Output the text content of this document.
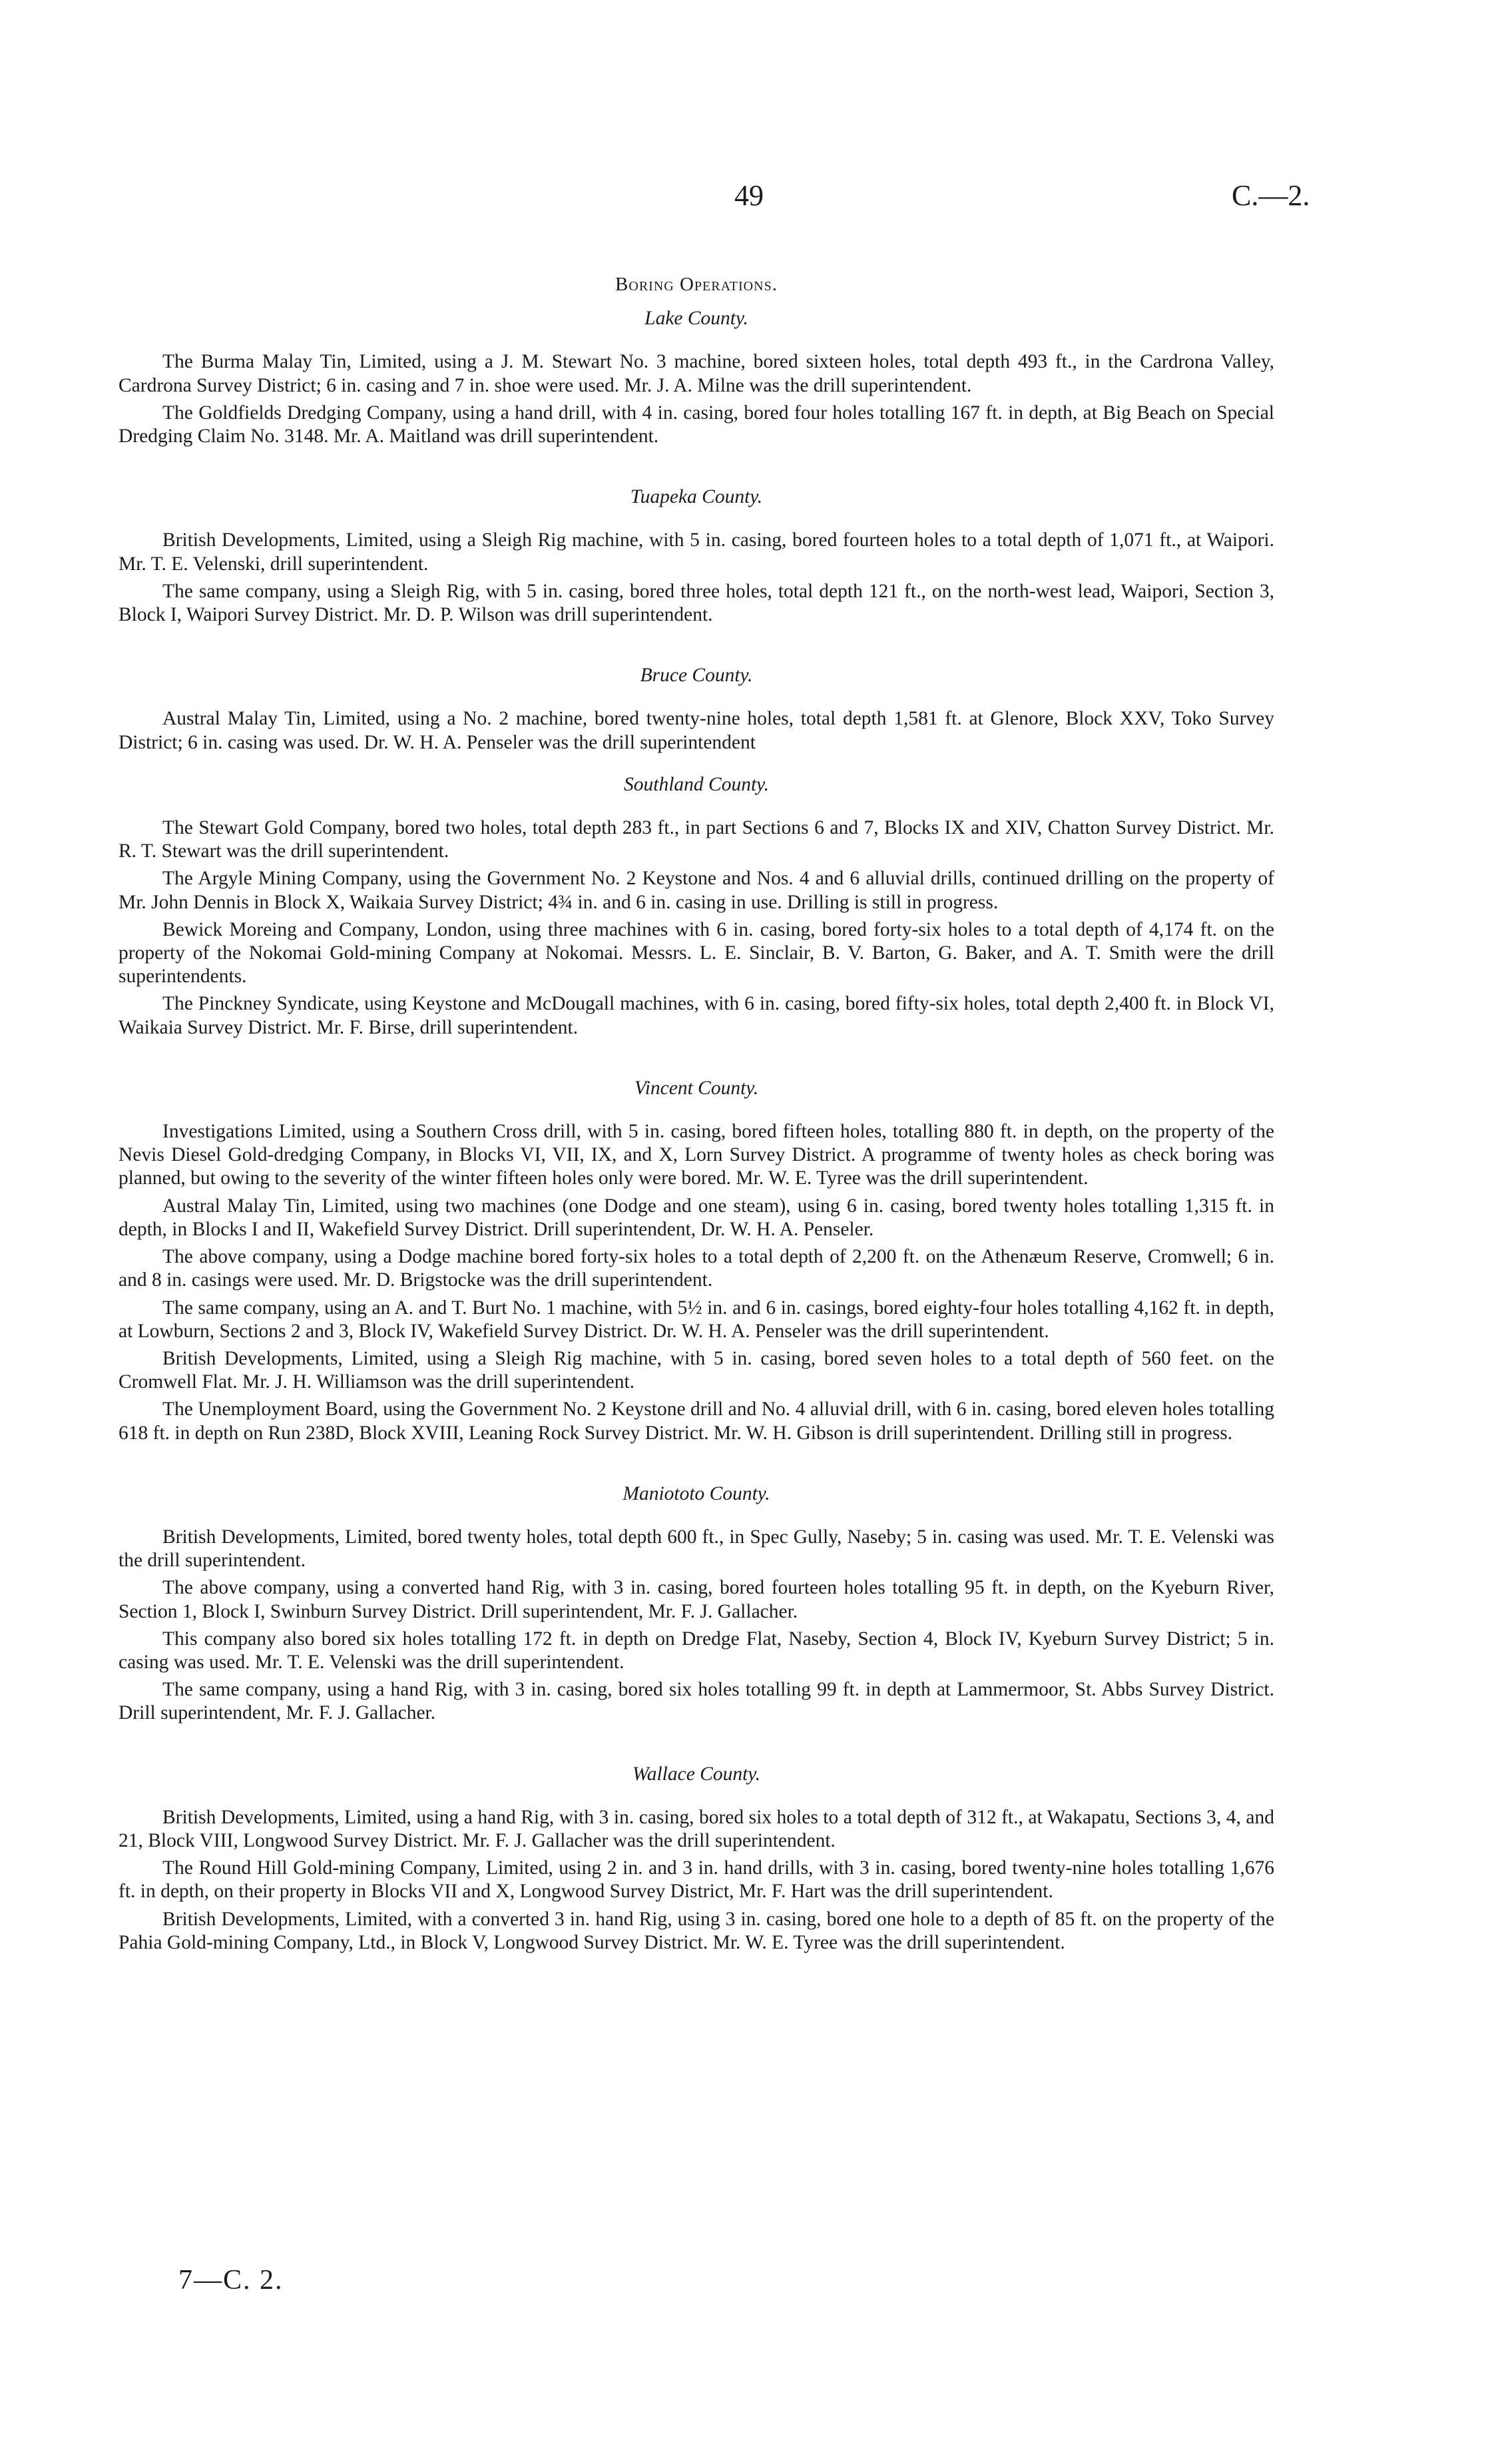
49	C.—2.
Boring Operations.
Lake County.

The Burma Malay Tin, Limited, using a J. M. Stewart No. 3 machine, bored sixteen holes, total depth 493 ft., in the Cardrona Valley, Cardrona Survey District; 6 in. casing and 7 in. shoe were used. Mr. J. A. Milne was the drill superintendent.

The Goldfields Dredging Company, using a hand drill, with 4 in. casing, bored four holes totalling 167 ft. in depth, at Big Beach on Special Dredging Claim No. 3148. Mr. A. Maitland was drill superintendent.

Tuapeka County.

British Developments, Limited, using a Sleigh Rig machine, with 5 in. casing, bored fourteen holes to a total depth of 1,071 ft., at Waipori. Mr. T. E. Velenski, drill superintendent.

The same company, using a Sleigh Rig, with 5 in. casing, bored three holes, total depth 121 ft., on the north-west lead, Waipori, Section 3, Block I, Waipori Survey District. Mr. D. P. Wilson was drill superintendent.

Bruce County.

Austral Malay Tin, Limited, using a No. 2 machine, bored twenty-nine holes, total depth 1,581 ft. at Glenore, Block XXV, Toko Survey District; 6 in. casing was used. Dr. W. H. A. Penseler was the drill superintendent

Southland County.

The Stewart Gold Company, bored two holes, total depth 283 ft., in part Sections 6 and 7, Blocks IX and XIV, Chatton Survey District. Mr. R. T. Stewart was the drill superintendent.

The Argyle Mining Company, using the Government No. 2 Keystone and Nos. 4 and 6 alluvial drills, continued drilling on the property of Mr. John Dennis in Block X, Waikaia Survey District; 4¾ in. and 6 in. casing in use. Drilling is still in progress.

Bewick Moreing and Company, London, using three machines with 6 in. casing, bored forty-six holes to a total depth of 4,174 ft. on the property of the Nokomai Gold-mining Company at Nokomai. Messrs. L. E. Sinclair, B. V. Barton, G. Baker, and A. T. Smith were the drill superintendents.

The Pinckney Syndicate, using Keystone and McDougall machines, with 6 in. casing, bored fifty-six holes, total depth 2,400 ft. in Block VI, Waikaia Survey District. Mr. F. Birse, drill superintendent.

Vincent County.

Investigations Limited, using a Southern Cross drill, with 5 in. casing, bored fifteen holes, totalling 880 ft. in depth, on the property of the Nevis Diesel Gold-dredging Company, in Blocks VI, VII, IX, and X, Lorn Survey District. A programme of twenty holes as check boring was planned, but owing to the severity of the winter fifteen holes only were bored. Mr. W. E. Tyree was the drill superintendent.

Austral Malay Tin, Limited, using two machines (one Dodge and one steam), using 6 in. casing, bored twenty holes totalling 1,315 ft. in depth, in Blocks I and II, Wakefield Survey District. Drill superintendent, Dr. W. H. A. Penseler.

The above company, using a Dodge machine bored forty-six holes to a total depth of 2,200 ft. on the Athenæum Reserve, Cromwell; 6 in. and 8 in. casings were used. Mr. D. Brigstocke was the drill superintendent.

The same company, using an A. and T. Burt No. 1 machine, with 5½ in. and 6 in. casings, bored eighty-four holes totalling 4,162 ft. in depth, at Lowburn, Sections 2 and 3, Block IV, Wakefield Survey District. Dr. W. H. A. Penseler was the drill superintendent.

British Developments, Limited, using a Sleigh Rig machine, with 5 in. casing, bored seven holes to a total depth of 560 feet. on the Cromwell Flat. Mr. J. H. Williamson was the drill superintendent.

The Unemployment Board, using the Government No. 2 Keystone drill and No. 4 alluvial drill, with 6 in. casing, bored eleven holes totalling 618 ft. in depth on Run 238D, Block XVIII, Leaning Rock Survey District. Mr. W. H. Gibson is drill superintendent. Drilling still in progress.

Maniototo County.

British Developments, Limited, bored twenty holes, total depth 600 ft., in Spec Gully, Naseby; 5 in. casing was used. Mr. T. E. Velenski was the drill superintendent.

The above company, using a converted hand Rig, with 3 in. casing, bored fourteen holes totalling 95 ft. in depth, on the Kyeburn River, Section 1, Block I, Swinburn Survey District. Drill superintendent, Mr. F. J. Gallacher.

This company also bored six holes totalling 172 ft. in depth on Dredge Flat, Naseby, Section 4, Block IV, Kyeburn Survey District; 5 in. casing was used. Mr. T. E. Velenski was the drill superintendent.

The same company, using a hand Rig, with 3 in. casing, bored six holes totalling 99 ft. in depth at Lammermoor, St. Abbs Survey District. Drill superintendent, Mr. F. J. Gallacher.

Wallace County.

British Developments, Limited, using a hand Rig, with 3 in. casing, bored six holes to a total depth of 312 ft., at Wakapatu, Sections 3, 4, and 21, Block VIII, Longwood Survey District. Mr. F. J. Gallacher was the drill superintendent.

The Round Hill Gold-mining Company, Limited, using 2 in. and 3 in. hand drills, with 3 in. casing, bored twenty-nine holes totalling 1,676 ft. in depth, on their property in Blocks VII and X, Longwood Survey District, Mr. F. Hart was the drill superintendent.

British Developments, Limited, with a converted 3 in. hand Rig, using 3 in. casing, bored one hole to a depth of 85 ft. on the property of the Pahia Gold-mining Company, Ltd., in Block V, Longwood Survey District. Mr. W. E. Tyree was the drill superintendent.

7—C. 2.
